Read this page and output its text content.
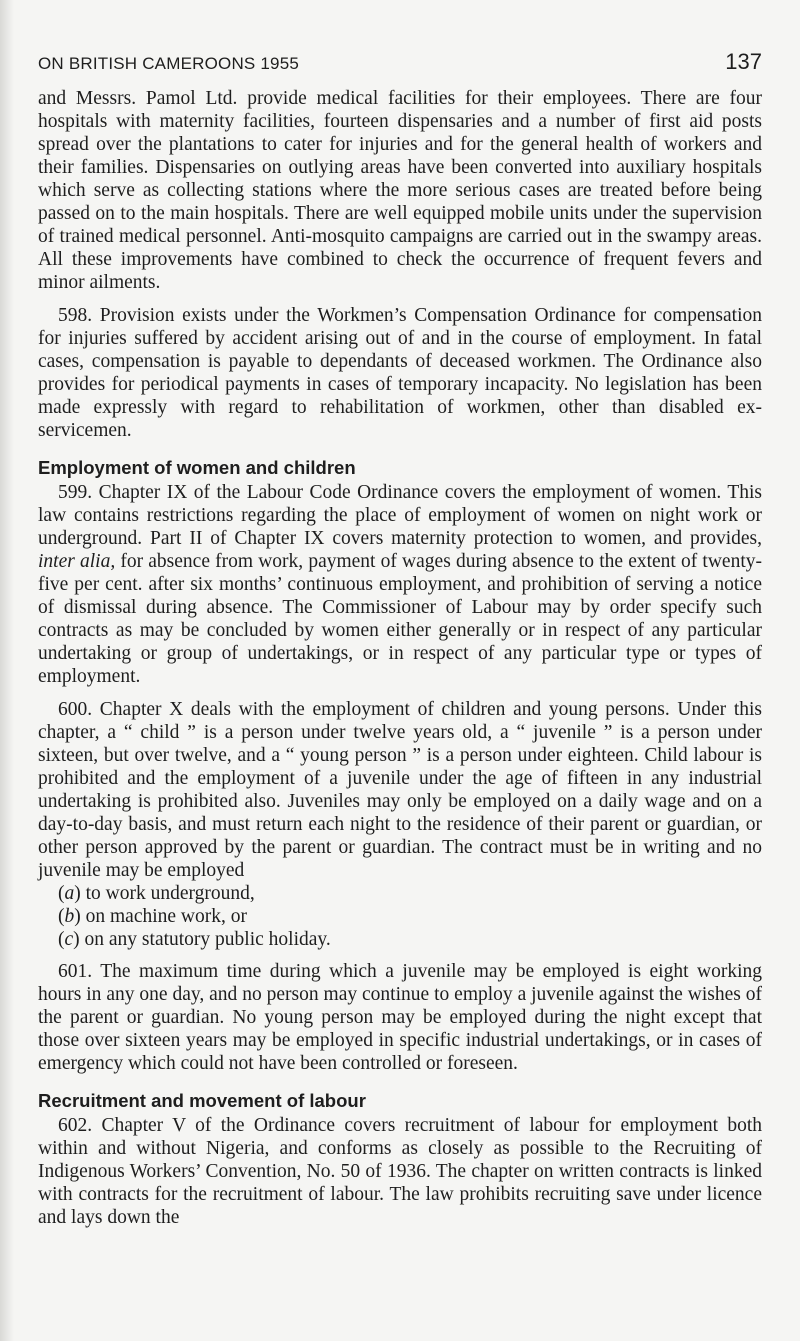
ON BRITISH CAMEROONS 1955	137

and Messrs. Pamol Ltd. provide medical facilities for their employees. There are four hospitals with maternity facilities, fourteen dispensaries and a number of first aid posts spread over the plantations to cater for injuries and for the general health of workers and their families. Dispensaries on outlying areas have been converted into auxiliary hospitals which serve as collecting stations where the more serious cases are treated before being passed on to the main hospitals. There are well equipped mobile units under the supervision of trained medical personnel. Anti-mosquito campaigns are carried out in the swampy areas. All these improvements have combined to check the occurrence of frequent fevers and minor ailments.

598. Provision exists under the Workmen’s Compensation Ordinance for compensation for injuries suffered by accident arising out of and in the course of employment. In fatal cases, compensation is payable to dependants of deceased workmen. The Ordinance also provides for periodical payments in cases of temporary incapacity. No legislation has been made expressly with regard to rehabilitation of workmen, other than disabled ex-servicemen.

Employment of women and children

599. Chapter IX of the Labour Code Ordinance covers the employment of women. This law contains restrictions regarding the place of employment of women on night work or underground. Part II of Chapter IX covers maternity protection to women, and provides, inter alia, for absence from work, payment of wages during absence to the extent of twenty-five per cent. after six months’ continuous employment, and prohibition of serving a notice of dismissal during absence. The Commissioner of Labour may by order specify such contracts as may be concluded by women either generally or in respect of any particular undertaking or group of undertakings, or in respect of any particular type or types of employment.

600. Chapter X deals with the employment of children and young persons. Under this chapter, a “ child ” is a person under twelve years old, a “ juvenile ” is a person under sixteen, but over twelve, and a “ young person ” is a person under eighteen. Child labour is prohibited and the employment of a juvenile under the age of fifteen in any industrial undertaking is prohibited also. Juveniles may only be employed on a daily wage and on a day-to-day basis, and must return each night to the residence of their parent or guardian, or other person approved by the parent or guardian. The contract must be in writing and no juvenile may be employed

(a) to work underground,

(b) on machine work, or

(c) on any statutory public holiday.

601. The maximum time during which a juvenile may be employed is eight working hours in any one day, and no person may continue to employ a juvenile against the wishes of the parent or guardian. No young person may be employed during the night except that those over sixteen years may be employed in specific industrial undertakings, or in cases of emergency which could not have been controlled or foreseen.

Recruitment and movement of labour

602. Chapter V of the Ordinance covers recruitment of labour for employment both within and without Nigeria, and conforms as closely as possible to the Recruiting of Indigenous Workers’ Convention, No. 50 of 1936. The chapter on written contracts is linked with contracts for the recruitment of labour. The law prohibits recruiting save under licence and lays down the
